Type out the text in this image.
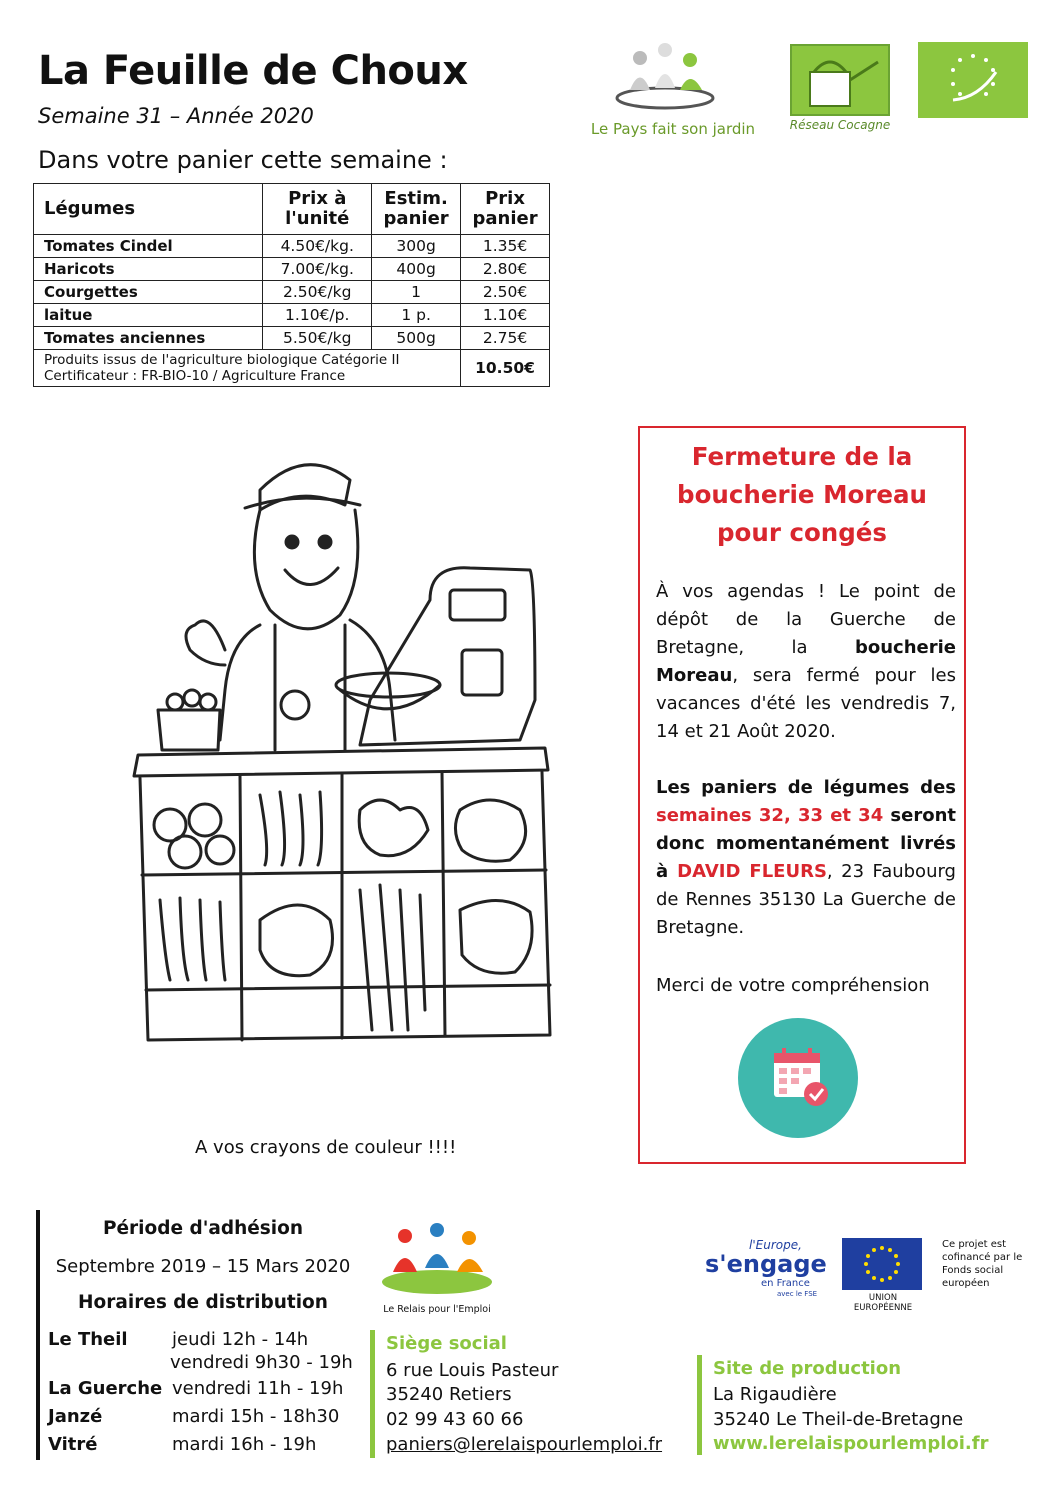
La Feuille de Choux
Semaine 31 – Année 2020
Dans votre panier cette semaine :
Le Pays fait son jardin	Réseau Cocagne
Légumes	Prix à l'unité	Estim. panier	Prix panier
Tomates Cindel	4.50€/kg.	300g	1.35€
Haricots	7.00€/kg.	400g	2.80€
Courgettes	2.50€/kg	1	2.50€
laitue	1.10€/p.	1 p.	1.10€
Tomates anciennes	5.50€/kg	500g	2.75€

Produits issus de l'agriculture biologique Catégorie II
Certificateur : FR-BIO-10 / Agriculture France			10.50€
A vos crayons de couleur !!!!
Fermeture de la boucherie Moreau pour congés
À vos agendas ! Le point de dépôt de la Guerche de Bretagne, la boucherie Moreau, sera fermé pour les vacances d'été les vendredis 7, 14 et 21 Août 2020.
Les paniers de légumes des semaines 32, 33 et 34 seront donc momentanément livrés à DAVID FLEURS, 23 Faubourg de Rennes 35130 La Guerche de Bretagne.
Merci de votre compréhension
Période d'adhésion
Septembre 2019 – 15 Mars 2020
Horaires de distribution
Le Theil jeudi 12h - 14h
vendredi 9h30 - 19h
La Guerche vendredi 11h - 19h
Janzé	mardi 15h - 18h30
Vitré	mardi 16h - 19h
Le Relais pour l'Emploi
Siège social
6 rue Louis Pasteur
35240 Retiers
02 99 43 60 66
paniers@lerelaispourlemploi.fr
l'Europe,
s'engage
en France
avec le FSE	UNION EUROPÉENNE
Ce projet est cofinancé par le Fonds social européen
Site de production
La Rigaudière
35240 Le Theil-de-Bretagne
www.lerelaispourlemploi.fr
